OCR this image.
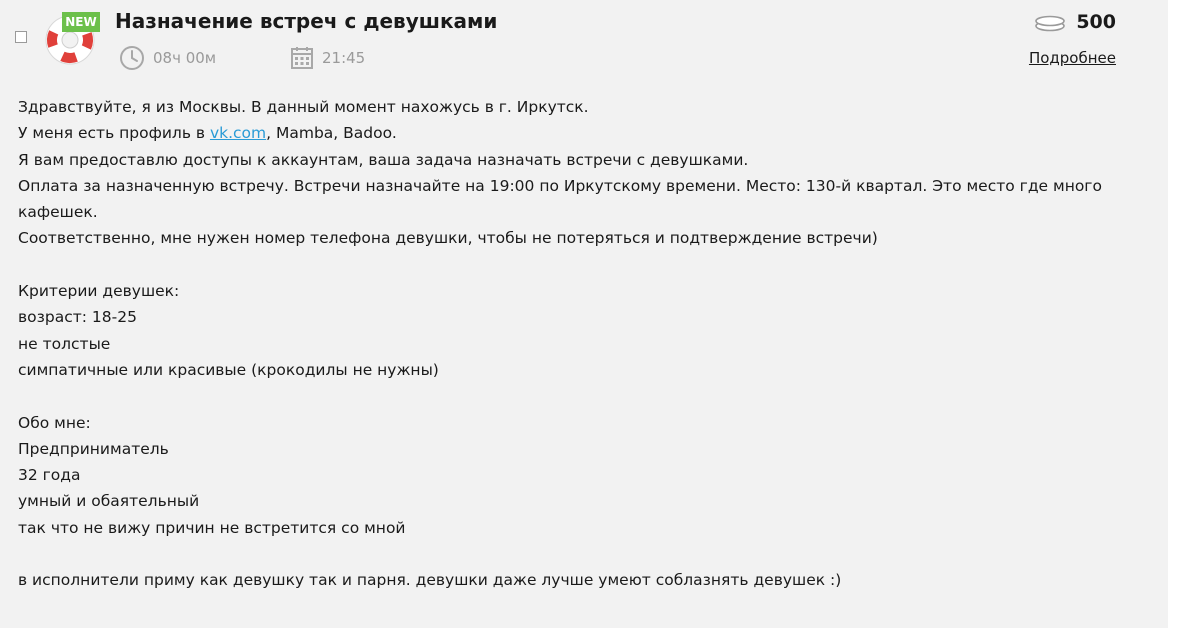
NEW Назначение встреч с девушками
08ч 00м	21:45
500
Подробнее

Здравствуйте, я из Москвы. В данный момент нахожусь в г. Иркутск.

У меня есть профиль в vk.com, Mamba, Badoo.

Я вам предоставлю доступы к аккаунтам, ваша задача назначать встречи с девушками.

Оплата за назначенную встречу. Встречи назначайте на 19:00 по Иркутскому времени. Место: 130-й квартал. Это место где много

кафешек.

Соответственно, мне нужен номер телефона девушки, чтобы не потеряться и подтверждение встречи)

Критерии девушек:

возраст: 18-25

не толстые

симпатичные или красивые (крокодилы не нужны)

Обо мне:

Предприниматель

32 года

умный и обаятельный

так что не вижу причин не встретится со мной

в исполнители приму как девушку так и парня. девушки даже лучше умеют соблазнять девушек :)
